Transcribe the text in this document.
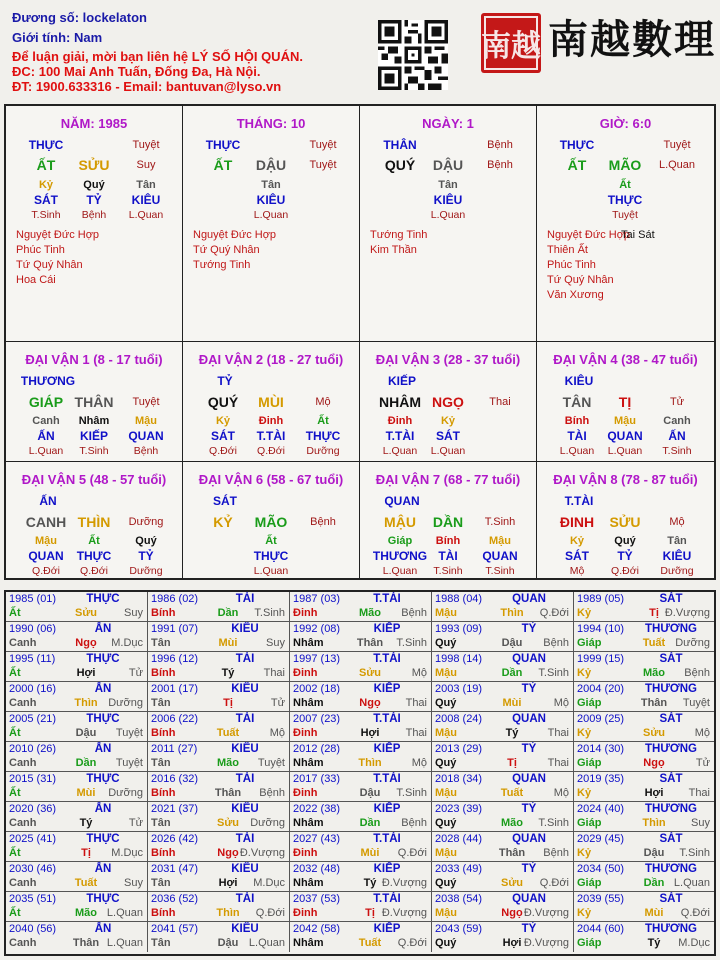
Đương số: lockelaton
Giới tính: Nam
Để luận giải, mời bạn liên hệ LÝ SỐ HỘI QUÁN.
ĐC: 100 Mai Anh Tuấn, Đống Đa, Hà Nội.
ĐT: 1900.633316 - Email: bantuvan@lyso.vn
南越 南越數理
NĂM: 1985
THỰC	Tuyệt
ẤT	SỬU	Suy
Kỷ
SÁT
T.Sinh
Quý
TỶ
Bệnh
Tân
KIÊU
L.Quan
Nguyệt Đức Hợp
Phúc Tinh
Tứ Quý Nhân
Hoa Cái
THÁNG: 10
THỰC	Tuyệt
ẤT	DẬU	Tuyệt
Tân
KIÊU
L.Quan
Nguyệt Đức Hợp
Tứ Quý Nhân
Tướng Tinh
NGÀY: 1
THÂN	Bệnh
QUÝ	DẬU	Bệnh
Tân
KIÊU
L.Quan
Tướng Tinh
Kim Thần
GIỜ: 6:0
THỰC	Tuyệt
ẤT	MÃO	L.Quan
Ất
THỰC
Tuyệt
Nguyệt Đức Hợp
Thiên Ất
Phúc Tinh
Tứ Quý Nhân
Văn Xương
Tai Sát
ĐẠI VẬN 1 (8 - 17 tuổi)
THƯƠNG
GIÁP THÂN	Tuyệt
Canh
ẤN
L.Quan
Nhâm
KIẾP
T.Sinh
Mậu
QUAN
Bệnh
ĐẠI VẬN 2 (18 - 27 tuổi)
TỶ
QUÝ	MÙI	Mộ
Kỷ
SÁT
Q.Đới
Đinh
T.TÀI
Q.Đới
Ất
THỰC
Dưỡng
ĐẠI VẬN 3 (28 - 37 tuổi)
KIẾP
NHÂM NGỌ	Thai
Đinh
T.TÀI
L.Quan
Kỷ
SÁT
L.Quan
ĐẠI VẬN 4 (38 - 47 tuổi)
KIÊU
TÂN	TỊ	Tử
Bính
TÀI
L.Quan
Mậu
QUAN
L.Quan
Canh
ẤN
T.Sinh
ĐẠI VẬN 5 (48 - 57 tuổi)
ẤN
CANH THÌN	Dưỡng
Mậu
QUAN
Q.Đới
Ất
THỰC
Q.Đới
Quý
TỶ
Dưỡng
ĐẠI VẬN 6 (58 - 67 tuổi)
SÁT
KỶ	MÃO	Bệnh
Ất
THỰC
L.Quan
ĐẠI VẬN 7 (68 - 77 tuổi)
QUAN
MẬU	DẦN	T.Sinh
Giáp
THƯƠNG
L.Quan
Bính
TÀI
T.Sinh
Mậu
QUAN
T.Sinh
ĐẠI VẬN 8 (78 - 87 tuổi)
T.TÀI
ĐINH	SỬU	Mộ
Kỷ
SÁT
Mộ
Quý
TỶ
Q.Đới
Tân
KIÊU
Dưỡng
1985 (01)	THỰC
Ất	Sửu	Suy
1986 (02)	TÀI
Bính	Dần	T.Sinh
1987 (03)	T.TÀI
Đinh	Mão	Bệnh
1988 (04)	QUAN
Mậu	Thìn	Q.Đới
1989 (05)	SÁT
Kỷ	Tị Đ.Vượng
1990 (06)	ẤN
Canh	Ngọ	M.Dục
1991 (07)	KIÊU
Tân	Mùi	Suy
1992 (08)	KIẾP
Nhâm	Thân	T.Sinh
1993 (09)	TỶ
Quý	Dậu	Bệnh
1994 (10)	THƯƠNG
Giáp	Tuất Dưỡng
1995 (11)	THỰC
Ất	Hợi	Tử
1996 (12)	TÀI
Bính	Tý	Thai
1997 (13)	T.TÀI
Đinh	Sửu	Mộ
1998 (14)	QUAN
Mậu	Dần	T.Sinh
1999 (15)	SÁT
Kỷ	Mão	Bệnh
2000 (16)	ẤN
Canh	Thìn Dưỡng
2001 (17)	KIÊU
Tân	Tị	Tử
2002 (18)	KIẾP
Nhâm	Ngọ	Thai
2003 (19)	TỶ
Quý	Mùi	Mộ
2004 (20)	THƯƠNG
Giáp	Thân	Tuyệt
2005 (21)	THỰC
Ất	Dậu	Tuyệt
2006 (22)	TÀI
Bính	Tuất	Mộ
2007 (23)	T.TÀI
Đinh	Hợi	Thai
2008 (24)	QUAN
Mậu	Tý	Thai
2009 (25)	SÁT
Kỷ	Sửu	Mộ
2010 (26)	ẤN
Canh	Dần	Tuyệt
2011 (27)	KIÊU
Tân	Mão	Tuyệt
2012 (28)	KIẾP
Nhâm	Thìn	Mộ
2013 (29)	TỶ
Quý	Tị	Thai
2014 (30)	THƯƠNG
Giáp	Ngọ	Tử
2015 (31)	THỰC
Ất	Mùi	Dưỡng
2016 (32)	TÀI
Bính	Thân	Bệnh
2017 (33)	T.TÀI
Đinh	Dậu	T.Sinh
2018 (34)	QUAN
Mậu	Tuất	Mộ
2019 (35)	SÁT
Kỷ	Hợi	Thai
2020 (36)	ẤN
Canh	Tý	Tử
2021 (37)	KIÊU
Tân	Sửu	Dưỡng
2022 (38)	KIẾP
Nhâm	Dần	Bệnh
2023 (39)	TỶ
Quý	Mão	T.Sinh
2024 (40)	THƯƠNG
Giáp	Thìn	Suy
2025 (41)	THỰC
Ất	Tị	M.Dục
2026 (42)	TÀI
Bính	Ngọ Đ.Vượng
2027 (43)	T.TÀI
Đinh	Mùi	Q.Đới
2028 (44)	QUAN
Mậu	Thân	Bệnh
2029 (45)	SÁT
Kỷ	Dậu	T.Sinh
2030 (46)	ẤN
Canh	Tuất	Suy
2031 (47)	KIÊU
Tân	Hợi	M.Dục
2032 (48)	KIẾP
Nhâm	Tý Đ.Vượng
2033 (49)	TỶ
Quý	Sửu	Q.Đới
2034 (50)	THƯƠNG
Giáp	Dần L.Quan
2035 (51)	THỰC
Ất	Mão L.Quan
2036 (52)	TÀI
Bính	Thìn	Q.Đới
2037 (53)	T.TÀI
Đinh	Tị Đ.Vượng
2038 (54)	QUAN
Mậu	Ngọ Đ.Vượng
2039 (55)	SÁT
Kỷ	Mùi	Q.Đới
2040 (56)	ẤN
Canh	Thân L.Quan
2041 (57)	KIÊU
Tân	Dậu L.Quan
2042 (58)	KIẾP
Nhâm	Tuất	Q.Đới
2043 (59)	TỶ
Quý	Hợi Đ.Vượng
2044 (60)	THƯƠNG
Giáp	Tý	M.Dục
